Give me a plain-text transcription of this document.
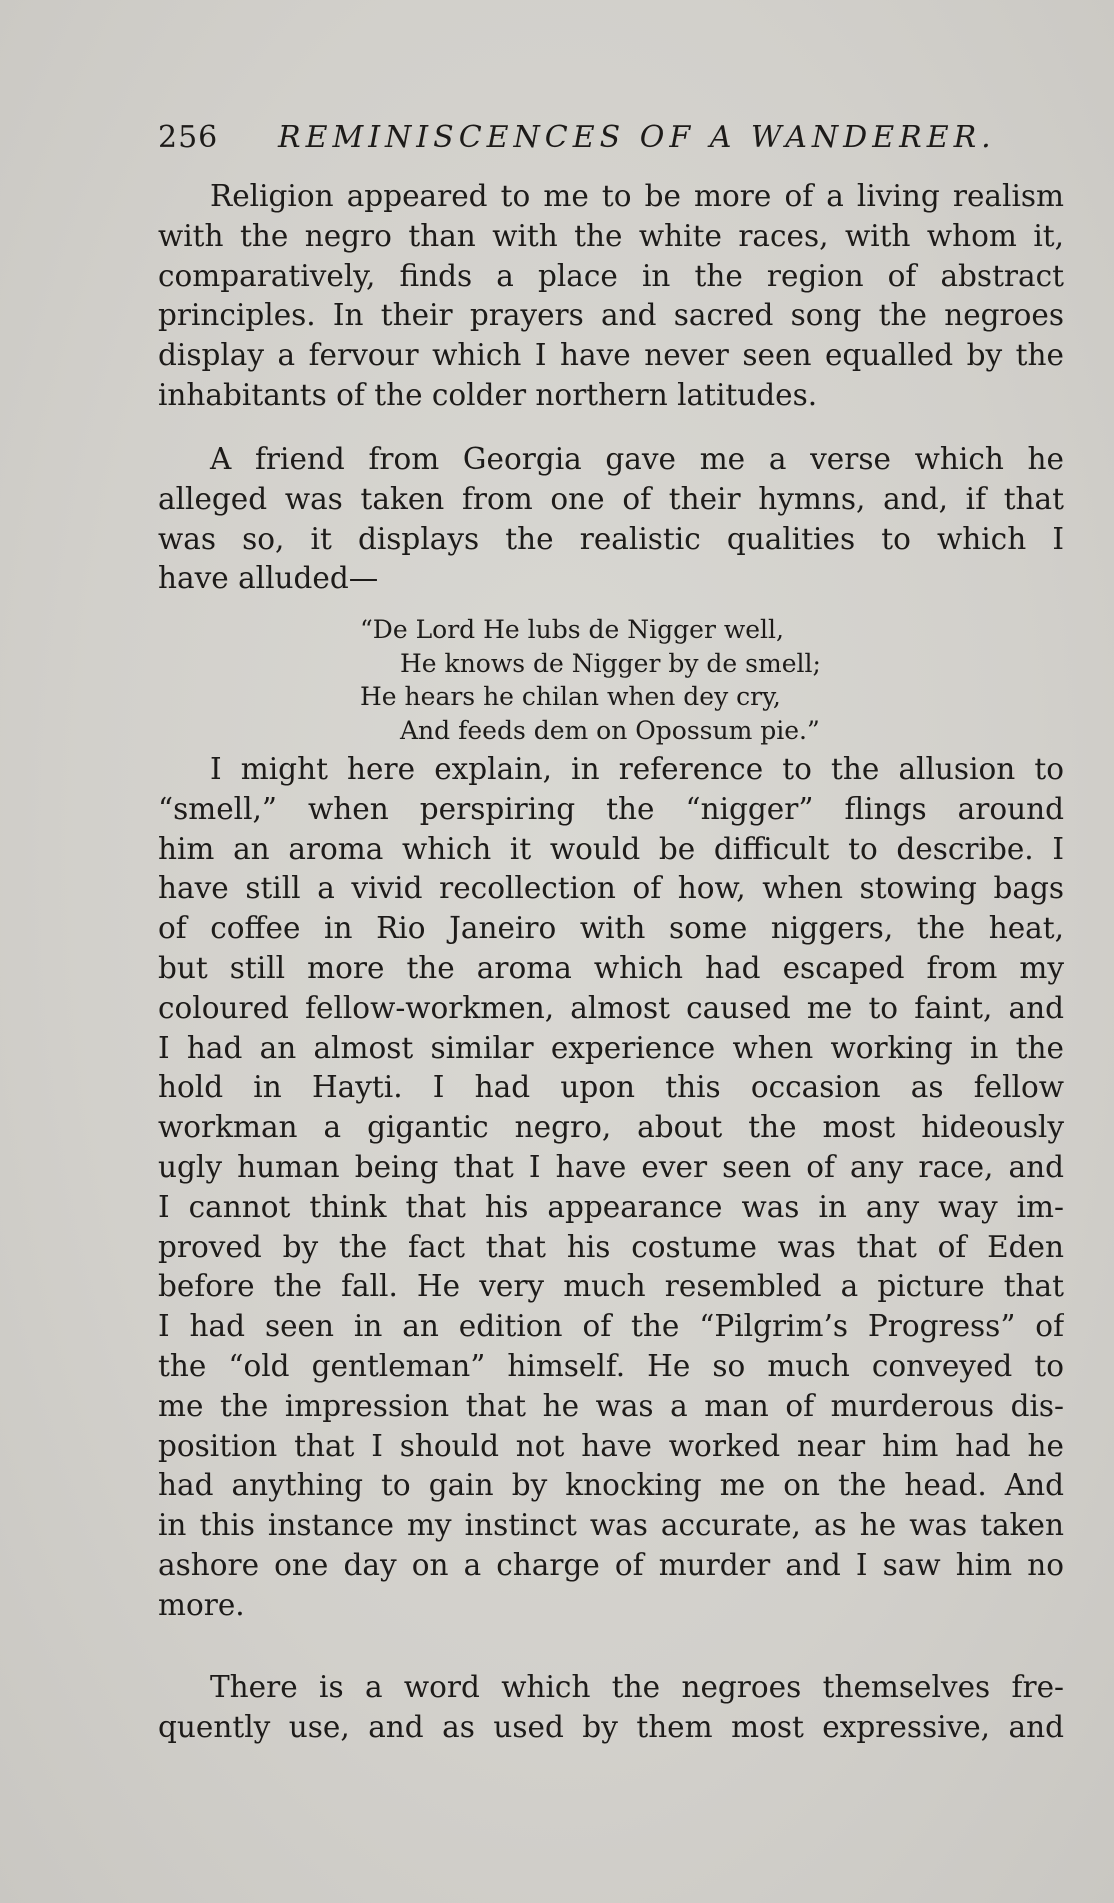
256 REMINISCENCES OF A WANDERER.
Religion appeared to me to be more of a living realism
with the negro than with the white races, with whom it,
comparatively, finds a place in the region of abstract
principles. In their prayers and sacred song the negroes
display a fervour which I have never seen equalled by the
inhabitants of the colder northern latitudes.
A friend from Georgia gave me a verse which he
alleged was taken from one of their hymns, and, if that
was so, it displays the realistic qualities to which I
have alluded—
“De Lord He lubs de Nigger well,
He knows de Nigger by de smell;
He hears he chilan when dey cry,
And feeds dem on Opossum pie.”
I might here explain, in reference to the allusion to
“smell,” when perspiring the “nigger” flings around
him an aroma which it would be difficult to describe. I
have still a vivid recollection of how, when stowing bags
of coffee in Rio Janeiro with some niggers, the heat,
but still more the aroma which had escaped from my
coloured fellow-workmen, almost caused me to faint, and
I had an almost similar experience when working in the
hold in Hayti. I had upon this occasion as fellow
workman a gigantic negro, about the most hideously
ugly human being that I have ever seen of any race, and
I cannot think that his appearance was in any way im-
proved by the fact that his costume was that of Eden
before the fall. He very much resembled a picture that
I had seen in an edition of the “Pilgrim’s Progress” of
the “old gentleman” himself. He so much conveyed to
me the impression that he was a man of murderous dis-
position that I should not have worked near him had he
had anything to gain by knocking me on the head. And
in this instance my instinct was accurate, as he was taken
ashore one day on a charge of murder and I saw him no
more.
There is a word which the negroes themselves fre-
quently use, and as used by them most expressive, and
